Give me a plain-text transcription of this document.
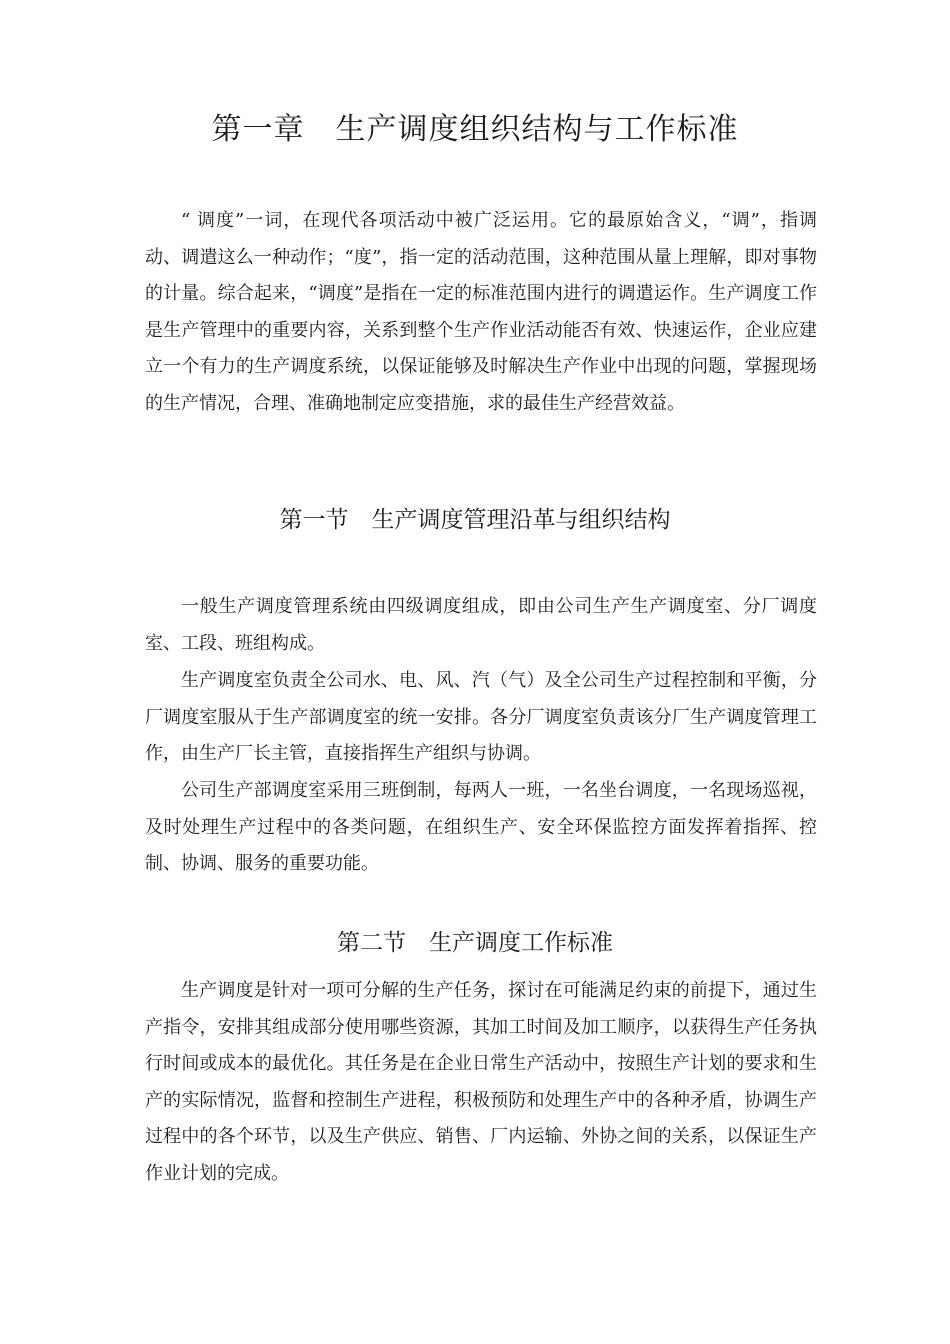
第一章　生产调度组织结构与工作标准

“ 调度”一词，在现代各项活动中被广泛运用。它的最原始含义，“调”，指调动、调遣这么一种动作；“度”，指一定的活动范围，这种范围从量上理解，即对事物的计量。综合起来，“调度”是指在一定的标准范围内进行的调遣运作。生产调度工作是生产管理中的重要内容，关系到整个生产作业活动能否有效、快速运作，企业应建立一个有力的生产调度系统，以保证能够及时解决生产作业中出现的问题，掌握现场的生产情况，合理、准确地制定应变措施，求的最佳生产经营效益。

第一节　生产调度管理沿革与组织结构

一般生产调度管理系统由四级调度组成，即由公司生产生产调度室、分厂调度室、工段、班组构成。

生产调度室负责全公司水、电、风、汽（气）及全公司生产过程控制和平衡，分厂调度室服从于生产部调度室的统一安排。各分厂调度室负责该分厂生产调度管理工作，由生产厂长主管，直接指挥生产组织与协调。

公司生产部调度室采用三班倒制，每两人一班，一名坐台调度，一名现场巡视，及时处理生产过程中的各类问题，在组织生产、安全环保监控方面发挥着指挥、控制、协调、服务的重要功能。

第二节　生产调度工作标准

生产调度是针对一项可分解的生产任务，探讨在可能满足约束的前提下，通过生产指令，安排其组成部分使用哪些资源，其加工时间及加工顺序，以获得生产任务执行时间或成本的最优化。其任务是在企业日常生产活动中，按照生产计划的要求和生产的实际情况，监督和控制生产进程，积极预防和处理生产中的各种矛盾，协调生产过程中的各个环节，以及生产供应、销售、厂内运输、外协之间的关系，以保证生产作业计划的完成。
